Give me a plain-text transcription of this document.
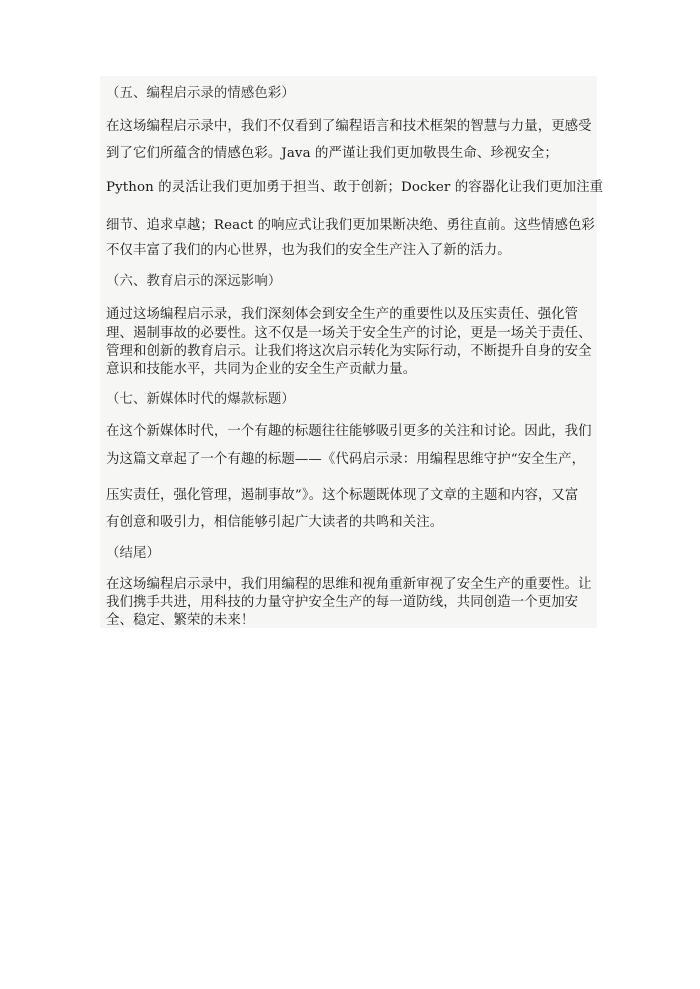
（五、编程启示录的情感色彩）
在这场编程启示录中，我们不仅看到了编程语言和技术框架的智慧与力量，更感受
到了它们所蕴含的情感色彩。Java 的严谨让我们更加敬畏生命、珍视安全；
Python 的灵活让我们更加勇于担当、敢于创新；Docker 的容器化让我们更加注重
细节、追求卓越；React 的响应式让我们更加果断决绝、勇往直前。这些情感色彩
不仅丰富了我们的内心世界，也为我们的安全生产注入了新的活力。
（六、教育启示的深远影响）
通过这场编程启示录，我们深刻体会到安全生产的重要性以及压实责任、强化管
理、遏制事故的必要性。这不仅是一场关于安全生产的讨论，更是一场关于责任、
管理和创新的教育启示。让我们将这次启示转化为实际行动，不断提升自身的安全
意识和技能水平，共同为企业的安全生产贡献力量。
（七、新媒体时代的爆款标题）
在这个新媒体时代，一个有趣的标题往往能够吸引更多的关注和讨论。因此，我们
为这篇文章起了一个有趣的标题——《代码启示录：用编程思维守护“安全生产，
压实责任，强化管理，遏制事故”》。这个标题既体现了文章的主题和内容，又富
有创意和吸引力，相信能够引起广大读者的共鸣和关注。
（结尾）
在这场编程启示录中，我们用编程的思维和视角重新审视了安全生产的重要性。让
我们携手共进，用科技的力量守护安全生产的每一道防线，共同创造一个更加安
全、稳定、繁荣的未来！
